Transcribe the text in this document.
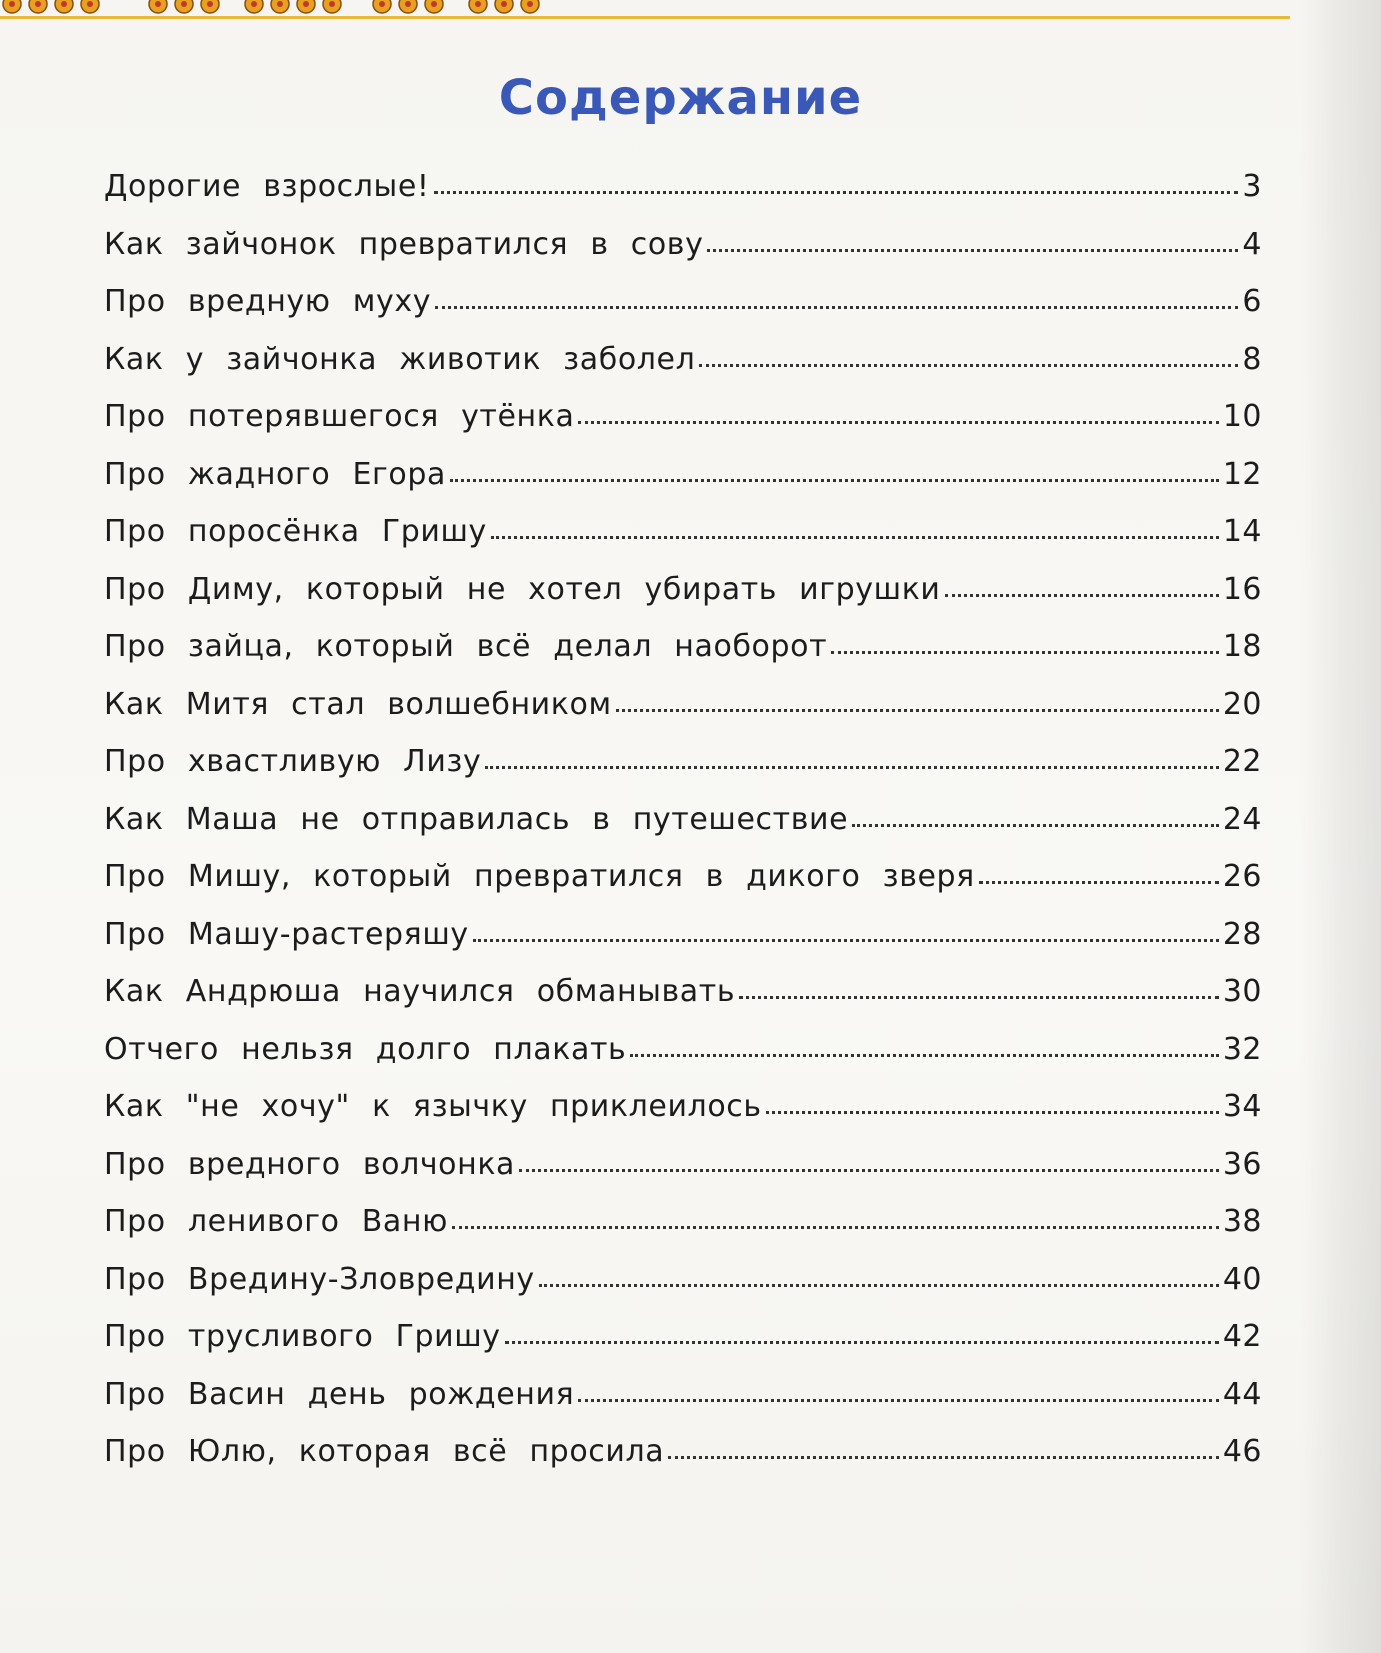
Содержание
Дорогие взрослые!	3
Как зайчонок превратился в сову	4
Про вредную муху	6
Как у зайчонка животик заболел	8
Про потерявшегося утёнка	10
Про жадного Егора	12
Про поросёнка Гришу	14
Про Диму, который не хотел убирать игрушки	16
Про зайца, который всё делал наоборот	18
Как Митя стал волшебником	20
Про хвастливую Лизу	22
Как Маша не отправилась в путешествие	24
Про Мишу, который превратился в дикого зверя	26
Про Машу-растеряшу	28
Как Андрюша научился обманывать	30
Отчего нельзя долго плакать	32
Как "не хочу" к язычку приклеилось	34
Про вредного волчонка	36
Про ленивого Ваню	38
Про Вредину-Зловредину	40
Про трусливого Гришу	42
Про Васин день рождения	44
Про Юлю, которая всё просила	46
